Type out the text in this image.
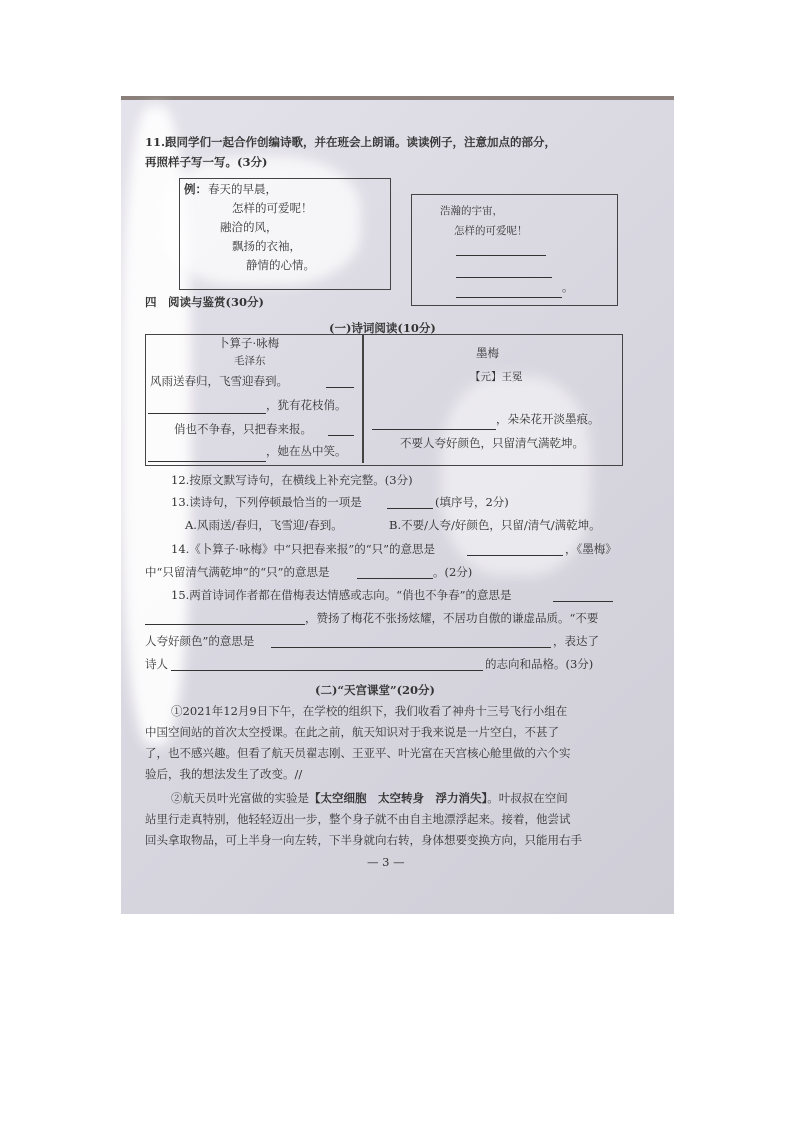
11.跟同学们一起合作创编诗歌，并在班会上朗诵。读读例子，注意加点的部分，
再照样子写一写。(3分)
例： 春天的早晨，
怎样的可爱呢！
融洽的风，
飘扬的衣袖，
静情的心情。
浩瀚的宇宙，
怎样的可爱呢！
。
四　阅读与鉴赏(30分)
(一)诗词阅读(10分)
卜算子·咏梅
毛泽东
风雨送春归，飞雪迎春到。
，犹有花枝俏。
俏也不争春，只把春来报。
，她在丛中笑。
墨梅
【元】王冕
，朵朵花开淡墨痕。
不要人夸好颜色，只留清气满乾坤。
12.按原文默写诗句，在横线上补充完整。(3分)
13.读诗句，下列停顿最恰当的一项是	(填序号，2分)
A.风雨送/春归，飞雪迎/春到。	B.不要/人夸/好颜色，只留/清气/满乾坤。
14.《卜算子·咏梅》中“只把春来报”的“只”的意思是	，《墨梅》
中“只留清气满乾坤”的“只”的意思是	。(2分)
15.两首诗词作者都在借梅表达情感或志向。“俏也不争春”的意思是
，赞扬了梅花不张扬炫耀，不居功自傲的谦虚品质。“不要
人夸好颜色”的意思是	，表达了
诗人	的志向和品格。(3分)
(二)“天宫课堂”(20分)
①2021年12月9日下午，在学校的组织下，我们收看了神舟十三号飞行小组在
中国空间站的首次太空授课。在此之前，航天知识对于我来说是一片空白，不甚了
了，也不感兴趣。但看了航天员翟志刚、王亚平、叶光富在天宫核心舱里做的六个实
验后，我的想法发生了改变。//
②航天员叶光富做的实验是【太空细胞　太空转身　浮力消失】。叶叔叔在空间
站里行走真特别，他轻轻迈出一步，整个身子就不由自主地漂浮起来。接着，他尝试
回头拿取物品，可上半身一向左转，下半身就向右转，身体想要变换方向，只能用右手
— 3 —
